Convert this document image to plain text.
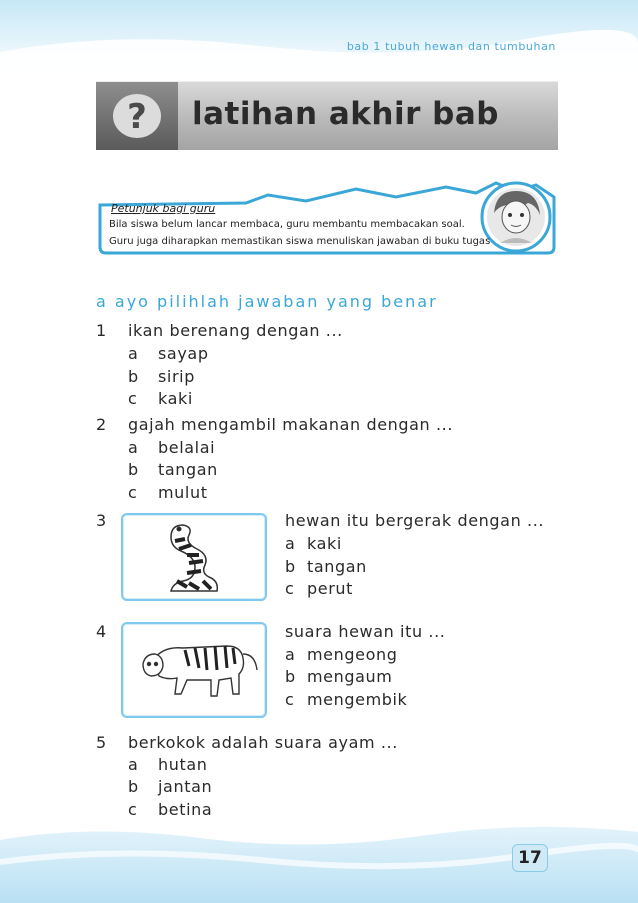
bab 1 tubuh hewan dan tumbuhan
? latihan akhir bab
Petunjuk bagi guru
Bila siswa belum lancar membaca, guru membantu membacakan soal.
Guru juga diharapkan memastikan siswa menuliskan jawaban di buku tugas
a ayo pilihlah jawaban yang benar
1 ikan berenang dengan ...
a sayap
b sirip
c kaki
2 gajah mengambil makanan dengan ...
a belalai
b tangan
c mulut
3	hewan itu bergerak dengan ...
a kaki
b tangan
c perut
4	suara hewan itu ...
a mengeong
b mengaum
c mengembik
5 berkokok adalah suara ayam ...
a hutan
b jantan
c betina
17
